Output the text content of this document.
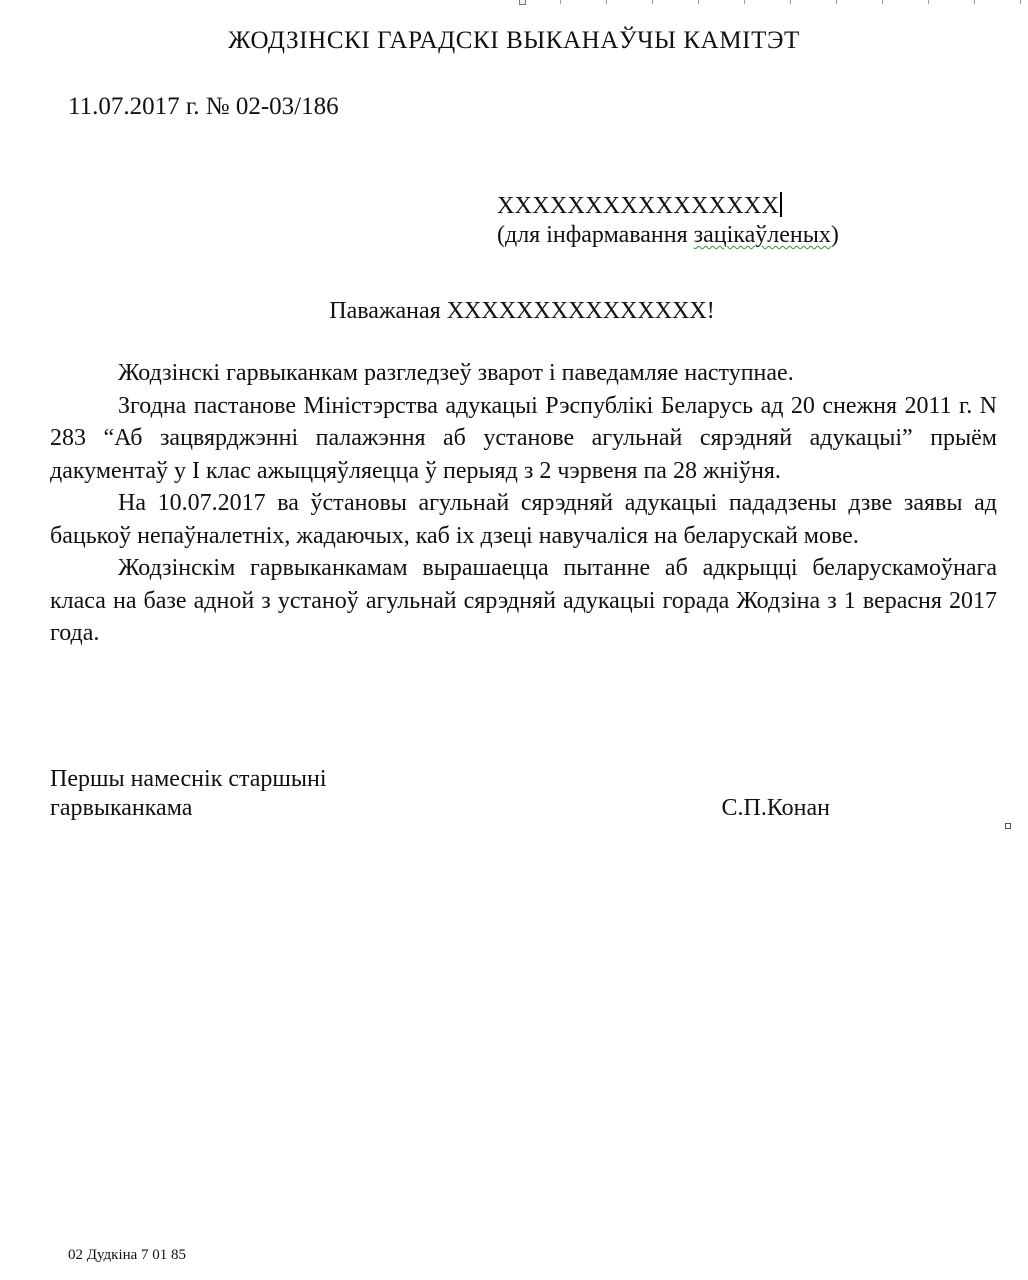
ЖОДЗІНСКІ ГАРАДСКІ ВЫКАНАЎЧЫ КАМІТЭТ
11.07.2017 г. № 02-03/186
XXXXXXXXXXXXXXXX
(для інфармавання зацікаўленых)
Паважаная XXXXXXXXXXXXXXX!

Жодзінскі гарвыканкам разгледзеў зварот і паведамляе наступнае.

Згодна пастанове Міністэрства адукацыі Рэспублікі Беларусь ад 20 снежня 2011 г. N 283 “Аб зацвярджэнні палажэння аб установе агульнай сярэдняй адукацыі” прыём дакументаў у І клас ажыццяўляецца ў перыяд з 2 чэрвеня па 28 жніўня.

На 10.07.2017 ва ўстановы агульнай сярэдняй адукацыі пададзены дзве заявы ад бацькоў непаўналетніх, жадаючых, каб іх дзеці навучаліся на беларускай мове.

Жодзінскім гарвыканкамам вырашаецца пытанне аб адкрыцці беларускамоўнага класа на базе адной з устаноў агульнай сярэдняй адукацыі горада Жодзіна з 1 верасня 2017 года.

Першы намеснік старшыні
гарвыканкама	С.П.Конан
02 Дудкіна 7 01 85
